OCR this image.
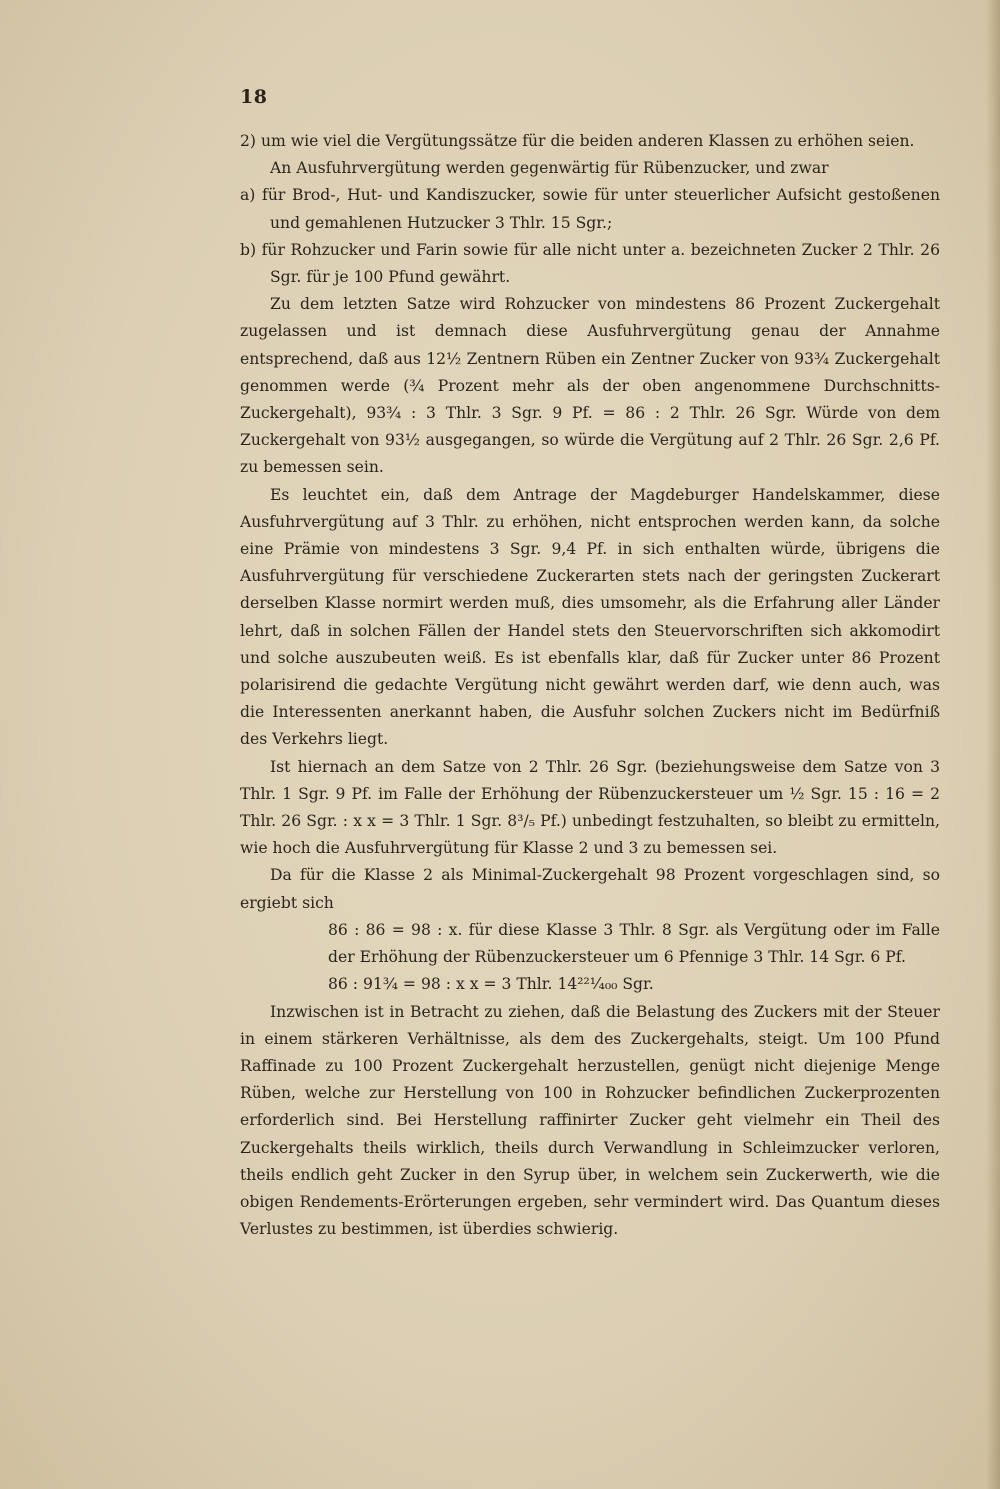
18

2) um wie viel die Vergütungssätze für die beiden anderen Klassen zu erhöhen seien.

An Ausfuhrvergütung werden gegenwärtig für Rübenzucker, und zwar

a) für Brod-, Hut- und Kandiszucker, sowie für unter steuerlicher Aufsicht gestoßenen und gemahlenen Hutzucker 3 Thlr. 15 Sgr.;

b) für Rohzucker und Farin sowie für alle nicht unter a. bezeichneten Zucker 2 Thlr. 26 Sgr. für je 100 Pfund gewährt.

Zu dem letzten Satze wird Rohzucker von mindestens 86 Prozent Zuckergehalt zugelassen und ist demnach diese Ausfuhrvergütung genau der Annahme entsprechend, daß aus 12½ Zentnern Rüben ein Zentner Zucker von 93¾ Zuckergehalt genommen werde (¾ Prozent mehr als der oben angenommene Durchschnitts-Zuckergehalt), 93¾ : 3 Thlr. 3 Sgr. 9 Pf. = 86 : 2 Thlr. 26 Sgr. Würde von dem Zuckergehalt von 93½ ausgegangen, so würde die Vergütung auf 2 Thlr. 26 Sgr. 2,6 Pf. zu bemessen sein.

Es leuchtet ein, daß dem Antrage der Magdeburger Handelskammer, diese Ausfuhrvergütung auf 3 Thlr. zu erhöhen, nicht entsprochen werden kann, da solche eine Prämie von mindestens 3 Sgr. 9,4 Pf. in sich enthalten würde, übrigens die Ausfuhrvergütung für verschiedene Zuckerarten stets nach der geringsten Zuckerart derselben Klasse normirt werden muß, dies umsomehr, als die Erfahrung aller Länder lehrt, daß in solchen Fällen der Handel stets den Steuervorschriften sich akkomodirt und solche auszubeuten weiß. Es ist ebenfalls klar, daß für Zucker unter 86 Prozent polarisirend die gedachte Vergütung nicht gewährt werden darf, wie denn auch, was die Interessenten anerkannt haben, die Ausfuhr solchen Zuckers nicht im Bedürfniß des Verkehrs liegt.

Ist hiernach an dem Satze von 2 Thlr. 26 Sgr. (beziehungsweise dem Satze von 3 Thlr. 1 Sgr. 9 Pf. im Falle der Erhöhung der Rübenzuckersteuer um ½ Sgr. 15 : 16 = 2 Thlr. 26 Sgr. : x x = 3 Thlr. 1 Sgr. 8³/₅ Pf.) unbedingt festzuhalten, so bleibt zu ermitteln, wie hoch die Ausfuhrvergütung für Klasse 2 und 3 zu bemessen sei.

Da für die Klasse 2 als Minimal-Zuckergehalt 98 Prozent vorgeschlagen sind, so ergiebt sich

86 : 86 = 98 : x. für diese Klasse 3 Thlr. 8 Sgr. als Vergütung oder im Falle der Erhöhung der Rübenzuckersteuer um 6 Pfennige 3 Thlr. 14 Sgr. 6 Pf.

86 : 91¾ = 98 : x x = 3 Thlr. 14²²¹⁄₄₀₀ Sgr.

Inzwischen ist in Betracht zu ziehen, daß die Belastung des Zuckers mit der Steuer in einem stärkeren Verhältnisse, als dem des Zuckergehalts, steigt. Um 100 Pfund Raffinade zu 100 Prozent Zuckergehalt herzustellen, genügt nicht diejenige Menge Rüben, welche zur Herstellung von 100 in Rohzucker befindlichen Zuckerprozenten erforderlich sind. Bei Herstellung raffinirter Zucker geht vielmehr ein Theil des Zuckergehalts theils wirklich, theils durch Verwandlung in Schleimzucker verloren, theils endlich geht Zucker in den Syrup über, in welchem sein Zuckerwerth, wie die obigen Rendements-Erörterungen ergeben, sehr vermindert wird. Das Quantum dieses Verlustes zu bestimmen, ist überdies schwierig.
